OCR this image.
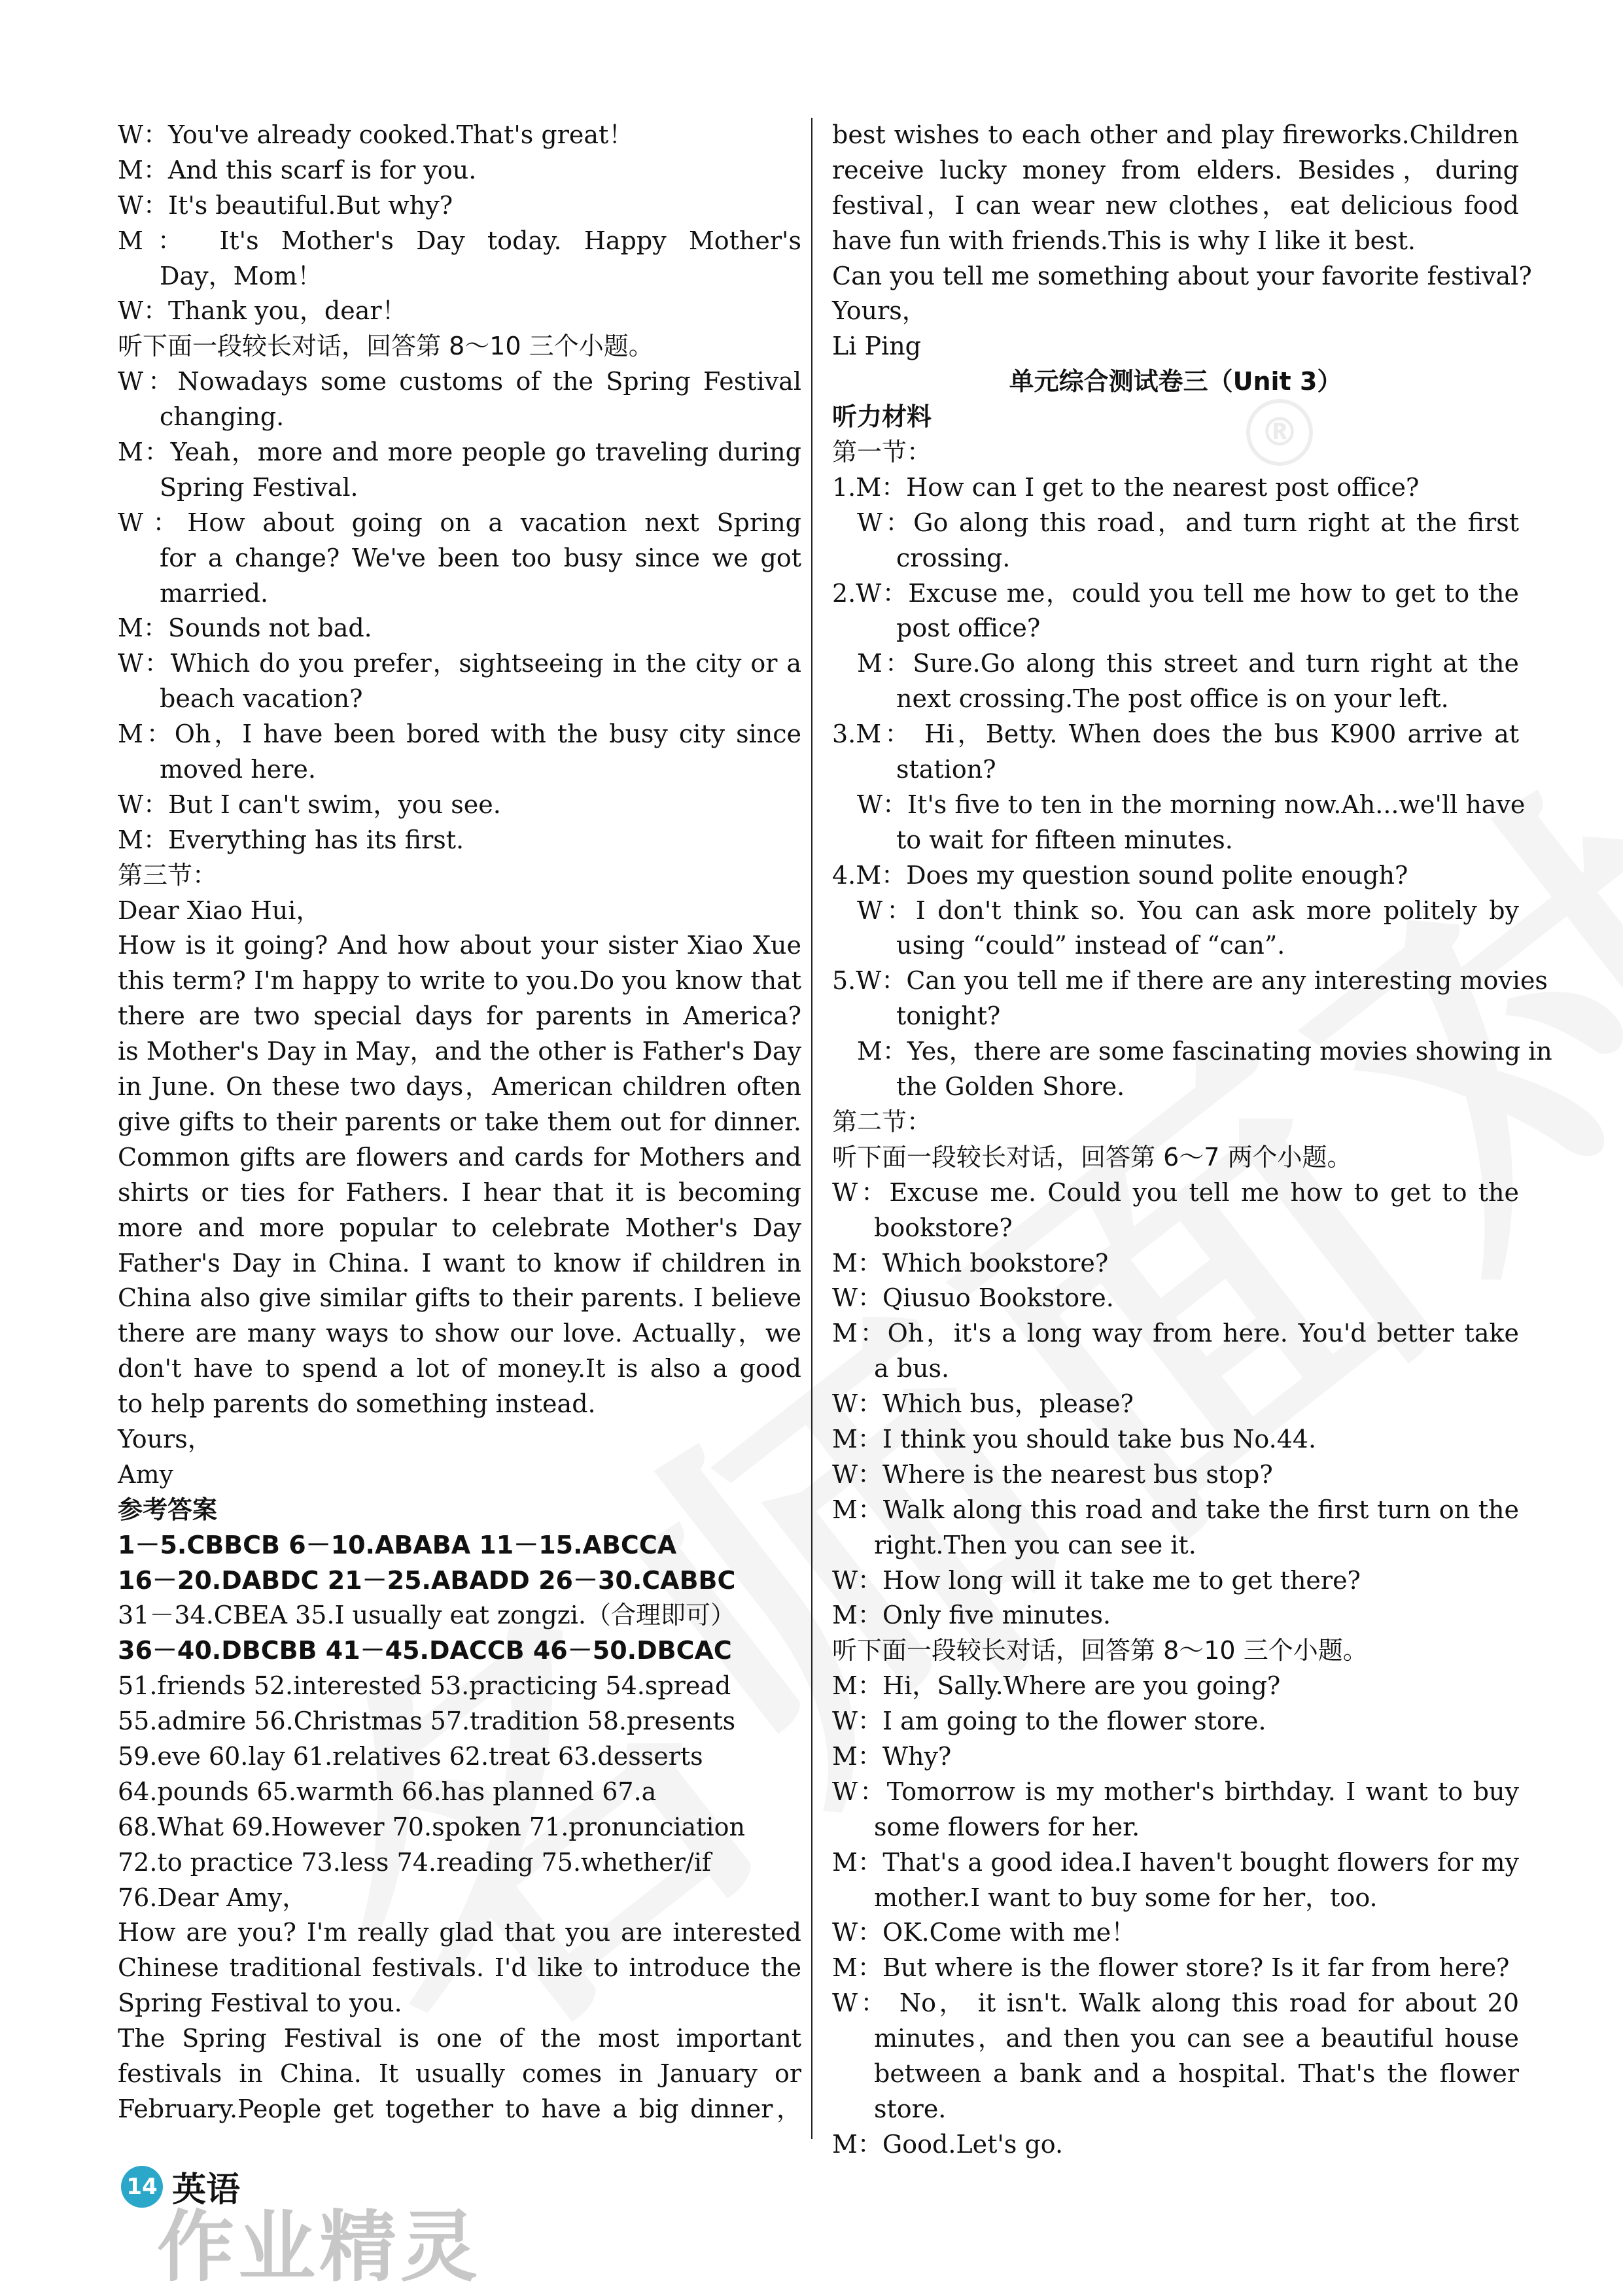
®
W：You've already cooked.That's great！
M：And this scarf is for you.
W：It's beautiful.But why?
M： It's Mother's Day today. Happy Mother's
Day，Mom！
W：Thank you，dear！
听下面一段较长对话，回答第 8～10 三个小题。
W：Nowadays some customs of the Spring Festival
changing.
M：Yeah，more and more people go traveling during
Spring Festival.
W：How about going on a vacation next Spring
for a change? We've been too busy since we got
married.
M：Sounds not bad.
W：Which do you prefer，sightseeing in the city or a
beach vacation?
M：Oh，I have been bored with the busy city since
moved here.
W：But I can't swim，you see.
M：Everything has its first.
第三节：
Dear Xiao Hui，
How is it going? And how about your sister Xiao Xue
this term? I'm happy to write to you.Do you know that
there are two special days for parents in America?
is Mother's Day in May，and the other is Father's Day
in June. On these two days，American children often
give gifts to their parents or take them out for dinner.
Common gifts are flowers and cards for Mothers and
shirts or ties for Fathers. I hear that it is becoming
more and more popular to celebrate Mother's Day
Father's Day in China. I want to know if children in
China also give similar gifts to their parents. I believe
there are many ways to show our love. Actually，we
don't have to spend a lot of money.It is also a good
to help parents do something instead.
Yours，
Amy
参考答案
1－5.CBBCB 6－10.ABABA 11－15.ABCCA
16－20.DABDC 21－25.ABADD 26－30.CABBC
31－34.CBEA 35.I usually eat zongzi.（合理即可）
36－40.DBCBB 41－45.DACCB 46－50.DBCAC
51.friends 52.interested 53.practicing 54.spread
55.admire 56.Christmas 57.tradition 58.presents
59.eve 60.lay 61.relatives 62.treat 63.desserts
64.pounds 65.warmth 66.has planned 67.a
68.What 69.However 70.spoken 71.pronunciation
72.to practice 73.less 74.reading 75.whether/if
76.Dear Amy，
How are you? I'm really glad that you are interested
Chinese traditional festivals. I'd like to introduce the
Spring Festival to you.
The Spring Festival is one of the most important
festivals in China. It usually comes in January or
February.People get together to have a big dinner，
best wishes to each other and play fireworks.Children
receive lucky money from elders. Besides，during
festival，I can wear new clothes，eat delicious food
have fun with friends.This is why I like it best.
Can you tell me something about your favorite festival?
Yours，
Li Ping
单元综合测试卷三（Unit 3）
听力材料
第一节：
1.M：How can I get to the nearest post office?
W：Go along this road，and turn right at the first
crossing.
2.W：Excuse me，could you tell me how to get to the
post office?
M：Sure.Go along this street and turn right at the
next crossing.The post office is on your left.
3.M： Hi，Betty. When does the bus K900 arrive at
station?
W：It's five to ten in the morning now.Ah...we'll have
to wait for fifteen minutes.
4.M：Does my question sound polite enough?
W：I don't think so. You can ask more politely by
using “could” instead of “can”.
5.W：Can you tell me if there are any interesting movies
tonight?
M：Yes，there are some fascinating movies showing in
the Golden Shore.
第二节：
听下面一段较长对话，回答第 6～7 两个小题。
W：Excuse me. Could you tell me how to get to the
bookstore?
M：Which bookstore?
W：Qiusuo Bookstore.
M：Oh，it's a long way from here. You'd better take
a bus.
W：Which bus，please?
M：I think you should take bus No.44.
W：Where is the nearest bus stop?
M：Walk along this road and take the first turn on the
right.Then you can see it.
W：How long will it take me to get there?
M：Only five minutes.
听下面一段较长对话，回答第 8～10 三个小题。
M：Hi，Sally.Where are you going?
W：I am going to the flower store.
M：Why?
W：Tomorrow is my mother's birthday. I want to buy
some flowers for her.
M：That's a good idea.I haven't bought flowers for my
mother.I want to buy some for her，too.
W：OK.Come with me！
M：But where is the flower store? Is it far from here?
W： No， it isn't. Walk along this road for about 20
minutes，and then you can see a beautiful house
between a bank and a hospital. That's the flower
store.
M：Good.Let's go.
14 英语
作业精灵
